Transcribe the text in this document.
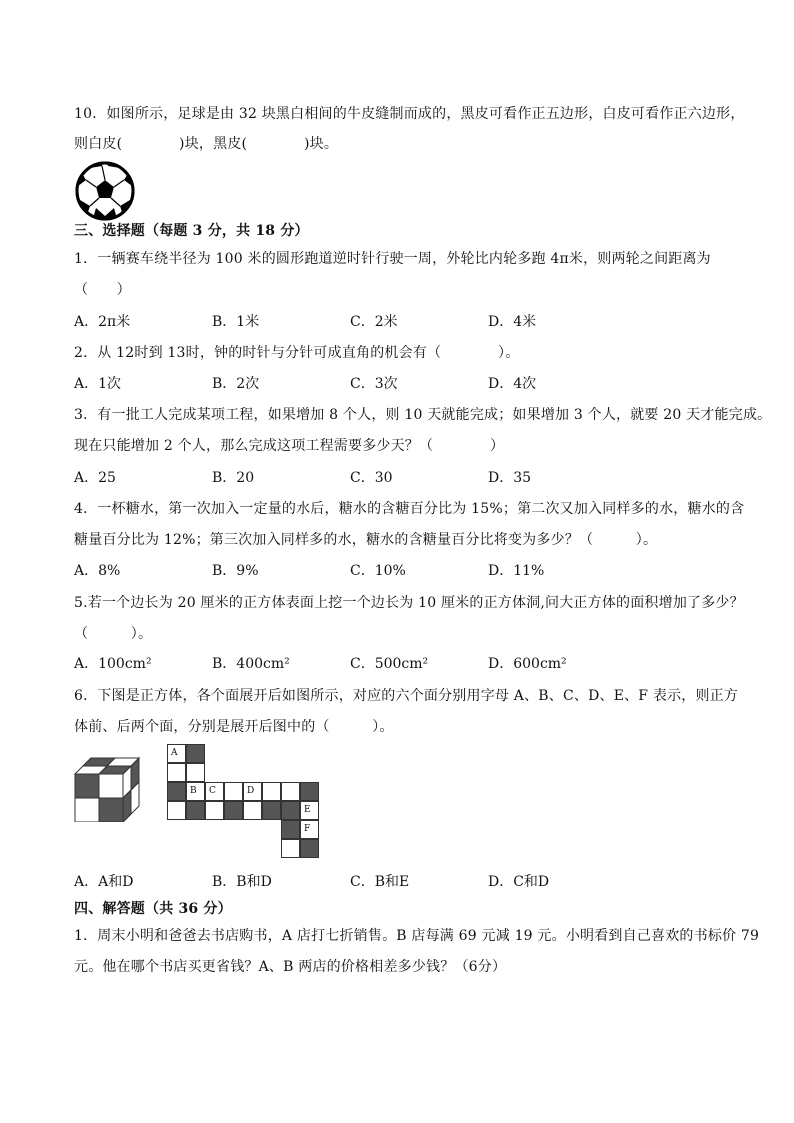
10．如图所示，足球是由 32 块黑白相间的牛皮缝制而成的，黑皮可看作正五边形，白皮可看作正六边形，
则白皮(　　　　)块，黑皮(　　　　)块。
三、选择题（每题 3 分，共 18 分）
1．一辆赛车绕半径为 100 米的圆形跑道逆时针行驶一周，外轮比内轮多跑 4π米，则两轮之间距离为
（　　）
A．2π米	B．1米	C．2米	D．4米
2．从 12时到 13时，钟的时针与分针可成直角的机会有（　　　　）。
A．1次	B．2次	C．3次	D．4次
3．有一批工人完成某项工程，如果增加 8 个人，则 10 天就能完成；如果增加 3 个人，就要 20 天才能完成。
现在只能增加 2 个人，那么完成这项工程需要多少天？（　　　　）
A．25	B．20	C．30	D．35
4．一杯糖水，第一次加入一定量的水后，糖水的含糖百分比为 15%；第二次又加入同样多的水，糖水的含
糖量百分比为 12%；第三次加入同样多的水，糖水的含糖量百分比将变为多少？（　　　）。
A．8%	B．9%	C．10%	D．11%
5.若一个边长为 20 厘米的正方体表面上挖一个边长为 10 厘米的正方体洞,问大正方体的面积增加了多少？
（　　　）。
A．100cm²	B．400cm²	C．500cm²	D．600cm²
6．下图是正方体，各个面展开后如图所示，对应的六个面分别用字母 A、B、C、D、E、F 表示，则正方
体前、后两个面，分别是展开后图中的（　　　）。
A
B	C	D
E
F
A．A和D	B．B和D	C．B和E	D．C和D
四、解答题（共 36 分）
1．周末小明和爸爸去书店购书，A 店打七折销售。B 店每满 69 元减 19 元。小明看到自己喜欢的书标价 79
元。他在哪个书店买更省钱？A、B 两店的价格相差多少钱？（6分）
